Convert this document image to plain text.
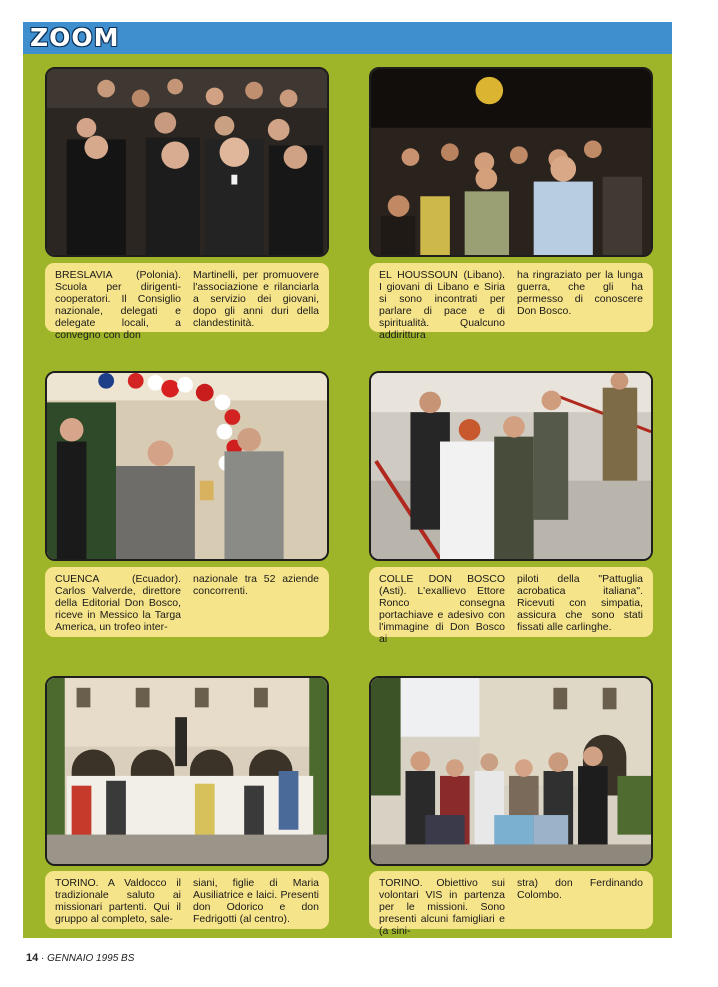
ZOOM
BRESLAVIA (Polonia). Scuola per dirigenti-cooperatori. Il Consiglio nazionale, delegati e delegate locali, a convegno con don
Martinelli, per promuovere l'associazione e rilanciarla a servizio dei giovani, dopo gli anni duri della clandestinità.
EL HOUSSOUN (Libano). I giovani di Libano e Siria si sono incontrati per parlare di pace e di spiritualità. Qualcuno addirittura
ha ringraziato per la lunga guerra, che gli ha permesso di conoscere Don Bosco.
CUENCA (Ecuador). Carlos Valverde, direttore della Editorial Don Bosco, riceve in Messico la Targa America, un trofeo inter-
nazionale tra 52 aziende concorrenti.
COLLE DON BOSCO (Asti). L'exallievo Ettore Ronco consegna portachiave e adesivo con l'immagine di Don Bosco ai
piloti della "Pattuglia acrobatica italiana". Ricevuti con simpatia, assicura che sono stati fissati alle carlinghe.
TORINO. A Valdocco il tradizionale saluto ai missionari partenti. Qui il gruppo al completo, sale-
siani, figlie di Maria Ausiliatrice e laici. Presenti don Odorico e don Fedrigotti (al centro).
TORINO. Obiettivo sui volontari VIS in partenza per le missioni. Sono presenti alcuni famigliari e (a sini-
stra) don Ferdinando Colombo.
14 · GENNAIO 1995 BS
